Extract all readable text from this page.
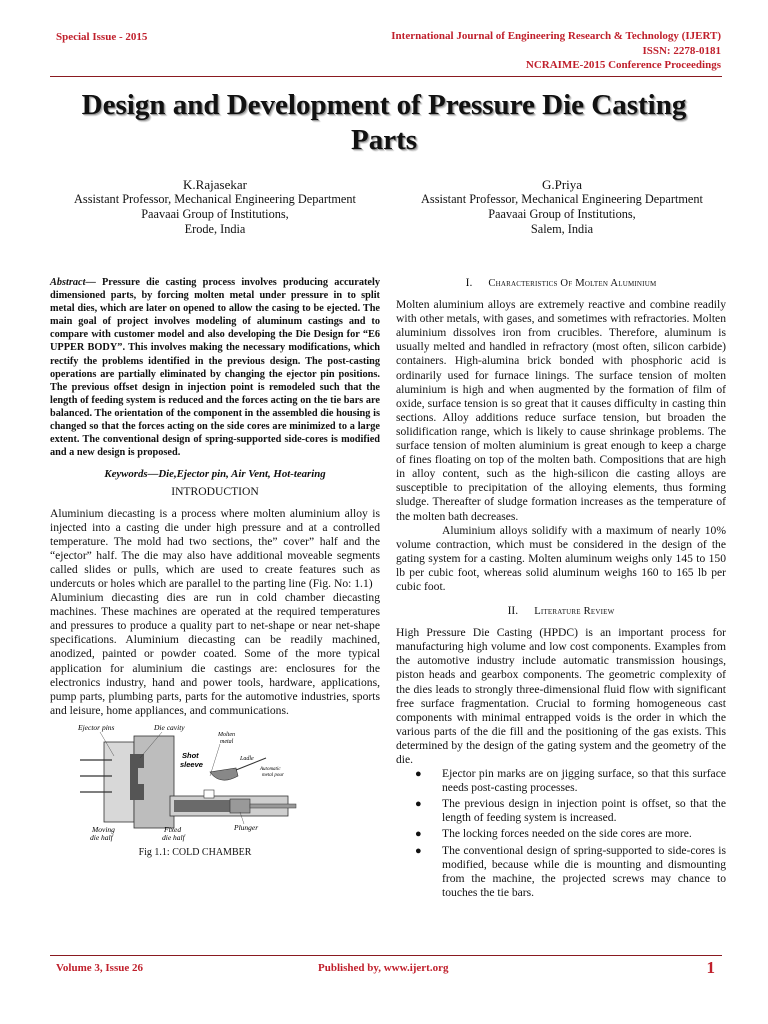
Special Issue - 2015	International Journal of Engineering Research & Technology (IJERT)
ISSN: 2278-0181
NCRAIME-2015 Conference Proceedings
Design and Development of Pressure Die Casting
Parts
K.Rajasekar
Assistant Professor, Mechanical Engineering Department
Paavaai Group of Institutions,
Erode, India
G.Priya
Assistant Professor, Mechanical Engineering Department
Paavaai Group of Institutions,
Salem, India

Abstract— Pressure die casting process involves producing accurately dimensioned parts, by forcing molten metal under pressure in to split metal dies, which are later on opened to allow the casing to be ejected. The main goal of project involves modeling of aluminum castings and to compare with customer model and also developing the Die Design for “E6 UPPER BODY”. This involves making the necessary modifications, which rectify the problems identified in the previous design. The post-casting operations are partially eliminated by changing the ejector pin positions. The previous offset design in injection point is remodeled such that the length of feeding system is reduced and the forces acting on the tie bars are balanced. The orientation of the component in the assembled die housing is changed so that the forces acting on the side cores are minimized to a large extent. The conventional design of spring-supported side-cores is modified and a new design is proposed.

Keywords—Die,Ejector pin, Air Vent, Hot-tearing

INTRODUCTION

Aluminium diecasting is a process where molten aluminium alloy is injected into a casting die under high pressure and at a controlled temperature. The mold had two sections, the” cover” half and the “ejector” half. The die may also have additional moveable segments called slides or pulls, which are used to create features such as undercuts or holes which are parallel to the parting line (Fig. No: 1.1)

Aluminium diecasting dies are run in cold chamber diecasting machines. These machines are operated at the required temperatures and pressures to produce a quality part to net-shape or near net-shape specifications. Aluminium diecasting can be readily machined, anodized, painted or powder coated. Some of the more typical application for aluminium die castings are: enclosures for the electronics industry, hand and power tools, hardware, applications, pump parts, plumbing parts, parts for the automotive industries, sports and leisure, home appliances, and communications.

Ejector pins	Die cavity
Molten
metal
Shot
sleeve
Ladle
Automatic
metal pour
Moving
die half
Fixed
die half
Plunger
Fig 1.1: COLD CHAMBER
I. Characteristics Of Molten Aluminium

Molten aluminium alloys are extremely reactive and combine readily with other metals, with gases, and sometimes with refractories. Molten aluminium dissolves iron from crucibles. Therefore, aluminum is usually melted and handled in refractory (most often, silicon carbide) containers. High-alumina brick bonded with phosphoric acid is ordinarily used for furnace linings. The surface tension of molten aluminium is high and when augmented by the formation of film of oxide, surface tension is so great that it causes difficulty in casting thin sections. Alloy additions reduce surface tension, but broaden the solidification range, which is likely to cause shrinkage problems. The surface tension of molten aluminium is great enough to keep a charge of fines floating on top of the molten bath. Compositions that are high in alloy content, such as the high-silicon die casting alloys are susceptible to precipitation of the alloying elements, thus forming sludge. Thereafter of sludge formation increases as the temperature of the molten bath decreases.

Aluminium alloys solidify with a maximum of nearly 10% volume contraction, which must be considered in the design of the gating system for a casting. Molten aluminum weighs only 145 to 150 lb per cubic foot, whereas solid aluminum weighs 160 to 165 lb per cubic foot.

II. Literature Review

High Pressure Die Casting (HPDC) is an important process for manufacturing high volume and low cost components. Examples from the automotive industry include automatic transmission housings, piston heads and gearbox components. The geometric complexity of the dies leads to strongly three-dimensional fluid flow with significant free surface fragmentation. Crucial to forming homogeneous cast components with minimal entrapped voids is the order in which the various parts of the die fill and the positioning of the gas exists. This determined by the design of the gating system and the geometry of the die.

● Ejector pin marks are on jigging surface, so that this surface needs post-casting processes.
● The previous design in injection point is offset, so that the length of feeding system is increased.
● The locking forces needed on the side cores are more.
● The conventional design of spring-supported to side-cores is modified, because while die is mounting and dismounting from the machine, the projected screws may chance to touches the tie bars.
Volume 3, Issue 26	Published by, www.ijert.org	1
